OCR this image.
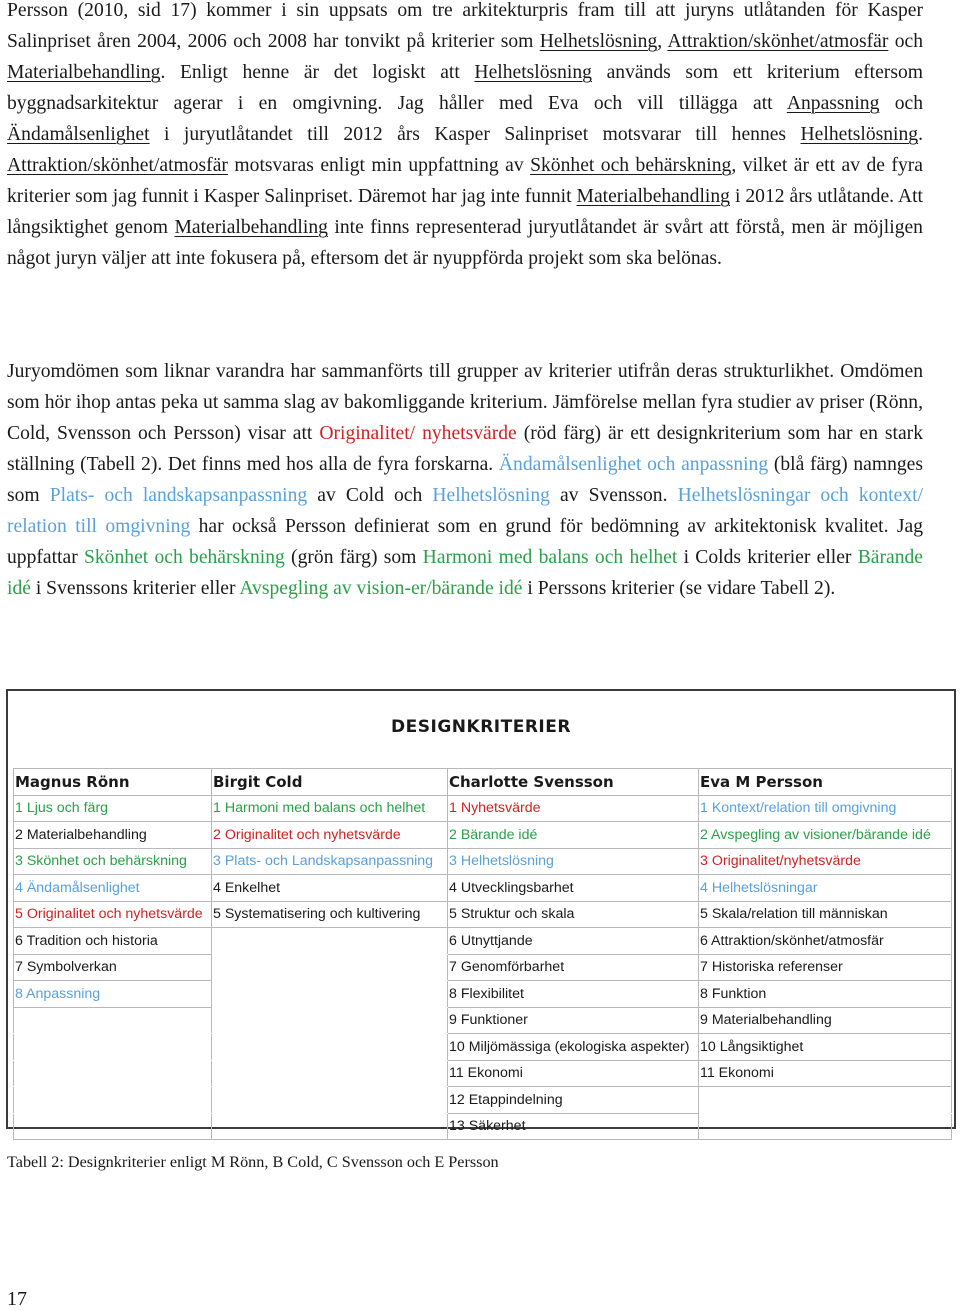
Persson (2010, sid 17) kommer i sin uppsats om tre arkitekturpris fram till att juryns utlåtanden för Kasper Salinpriset åren 2004, 2006 och 2008 har tonvikt på kriterier som Helhetslösning, Attraktion/skönhet/atmosfär och Materialbehandling. Enligt henne är det logiskt att Helhetslösning används som ett kriterium eftersom byggnadsarkitektur agerar i en omgivning. Jag håller med Eva och vill tillägga att Anpassning och Ändamålsenlighet i juryutlåtandet till 2012 års Kasper Salinpriset motsvarar till hennes Helhetslösning. Attraktion/skönhet/atmosfär motsvaras enligt min uppfattning av Skönhet och behärskning, vilket är ett av de fyra kriterier som jag funnit i Kasper Salinpriset. Däremot har jag inte funnit Materialbehandling i 2012 års utlåtande. Att långsiktighet genom Materialbehandling inte finns representerad juryutlåtandet är svårt att förstå, men är möjligen något juryn väljer att inte fokusera på, eftersom det är nyuppförda projekt som ska belönas.

Juryomdömen som liknar varandra har sammanförts till grupper av kriterier utifrån deras strukturlikhet. Omdömen som hör ihop antas peka ut samma slag av bakomliggande kriterium. Jämförelse mellan fyra studier av priser (Rönn, Cold, Svensson och Persson) visar att Originalitet/ nyhetsvärde (röd färg) är ett designkriterium som har en stark ställning (Tabell 2). Det finns med hos alla de fyra forskarna. Ändamålsenlighet och anpassning (blå färg) namnges som Plats- och landskapsanpassning av Cold och Helhetslösning av Svensson. Helhetslösningar och kontext/ relation till omgivning har också Persson definierat som en grund för bedömning av arkitektonisk kvalitet. Jag uppfattar Skönhet och behärskning (grön färg) som Harmoni med balans och helhet i Colds kriterier eller Bärande idé i Svenssons kriterier eller Avspegling av vision-er/bärande idé i Perssons kriterier (se vidare Tabell 2).

DESIGNKRITERIER

Magnus Rönn	Birgit Cold	Charlotte Svensson	Eva M Persson
1 Ljus och färg	1 Harmoni med balans och helhet	1 Nyhetsvärde	1 Kontext/relation till omgivning
2 Materialbehandling	2 Originalitet och nyhetsvärde	2 Bärande idé	2 Avspegling av visioner/bärande idé
3 Skönhet och behärskning	3 Plats- och Landskapsanpassning	3 Helhetslösning	3 Originalitet/nyhetsvärde
4 Ändamålsenlighet	4 Enkelhet	4 Utvecklingsbarhet	4 Helhetslösningar
5 Originalitet och nyhetsvärde	5 Systematisering och kultivering	5 Struktur och skala	5 Skala/relation till människan
6 Tradition och historia		6 Utnyttjande	6 Attraktion/skönhet/atmosfär
7 Symbolverkan		7 Genomförbarhet	7 Historiska referenser
8 Anpassning		8 Flexibilitet	8 Funktion
		9 Funktioner	9 Materialbehandling
		10 Miljömässiga (ekologiska aspekter)	10 Långsiktighet
		11 Ekonomi	11 Ekonomi
		12 Etappindelning	
		13 Säkerhet	

Tabell 2: Designkriterier enligt M Rönn, B Cold, C Svensson och E Persson

17
